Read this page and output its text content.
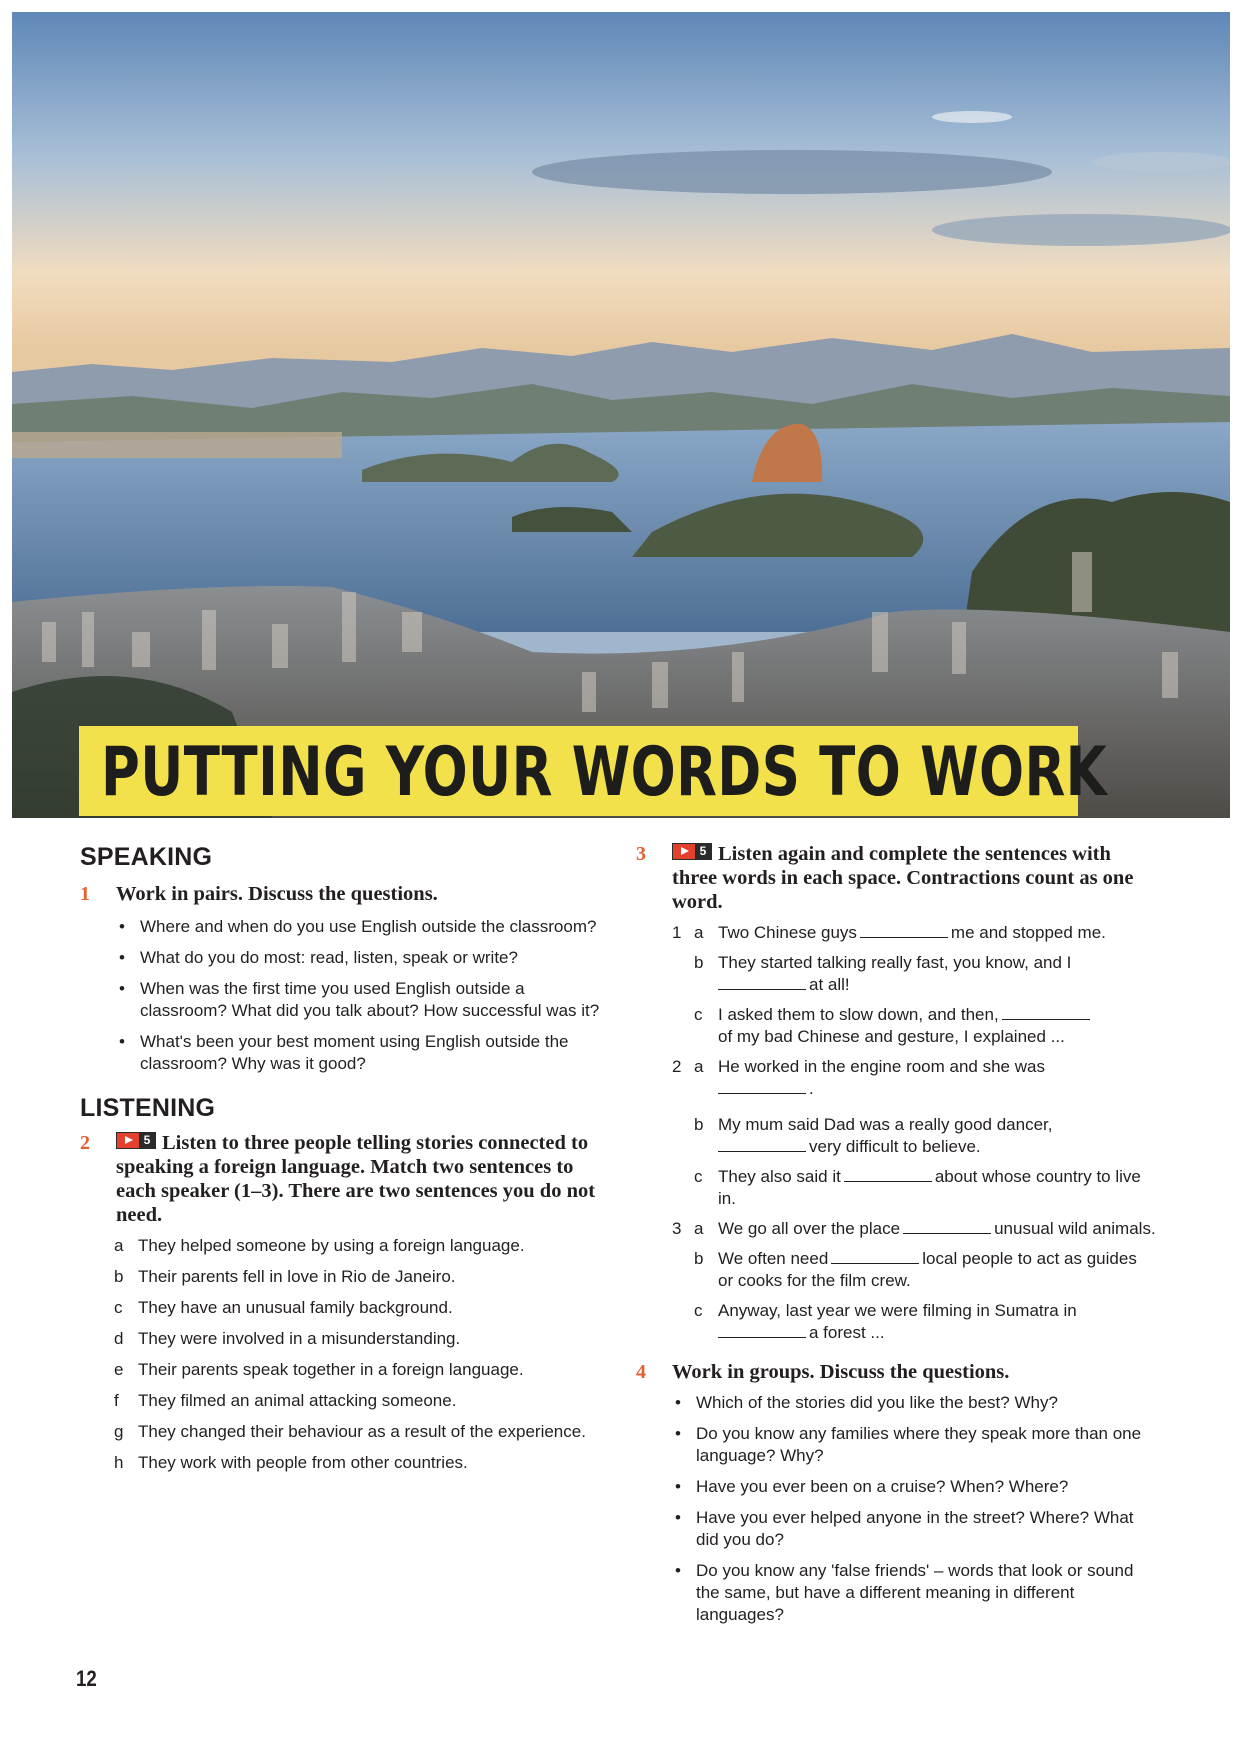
PUTTING YOUR WORDS TO WORK
SPEAKING
1 Work in pairs. Discuss the questions.
• Where and when do you use English outside the classroom?
• What do you do most: read, listen, speak or write?
• When was the first time you used English outside a classroom? What did you talk about? How successful was it?
• What's been your best moment using English outside the classroom? Why was it good?
LISTENING
2	5 Listen to three people telling stories connected to speaking a foreign language. Match two sentences to each speaker (1–3). There are two sentences you do not need.
a They helped someone by using a foreign language.
b Their parents fell in love in Rio de Janeiro.
c They have an unusual family background.
d They were involved in a misunderstanding.
e Their parents speak together in a foreign language.
f	They filmed an animal attacking someone.
g They changed their behaviour as a result of the experience.
h They work with people from other countries.
3	5 Listen again and complete the sentences with three words in each space. Contractions count as one word.
1 a Two Chinese guys	me and stopped me.
b They started talking really fast, you know, and I
at all!
c I asked them to slow down, and then,
of my bad Chinese and gesture, I explained ...
2 a He worked in the engine room and she was
.
b My mum said Dad was a really good dancer,
very difficult to believe.
c They also said it	about whose country to live in.
3 a We go all over the place	unusual wild animals.
b We often need	local people to act as guides or cooks for the film crew.
c Anyway, last year we were filming in Sumatra in
a forest ...
4 Work in groups. Discuss the questions.
• Which of the stories did you like the best? Why?
• Do you know any families where they speak more than one language? Why?
• Have you ever been on a cruise? When? Where?
• Have you ever helped anyone in the street? Where? What did you do?
• Do you know any 'false friends' – words that look or sound the same, but have a different meaning in different languages?
12
